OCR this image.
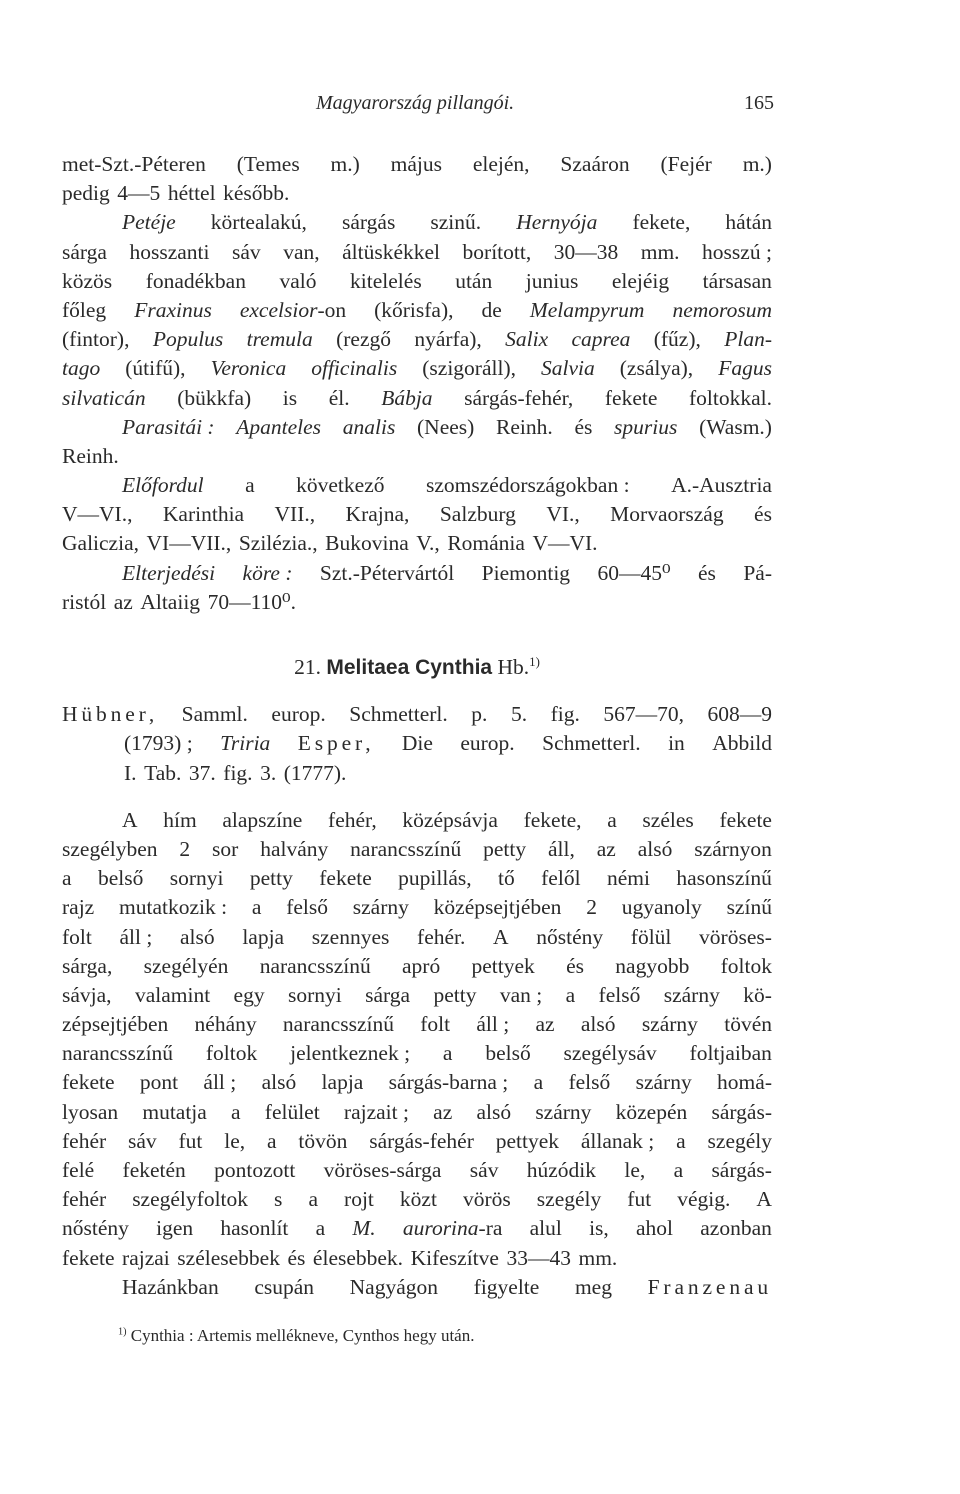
Magyarország pillangói.	165
met-Szt.-Péteren (Temes m.) május elején, Szaáron (Fejér m.)
pedig 4—5 héttel később.
Petéje körtealakú, sárgás szinű. Hernyója fekete, hátán
sárga hosszanti sáv van, áltüskékkel borított, 30—38 mm. hosszú ;
közös fonadékban való kitelelés után junius elejéig társasan
főleg Fraxinus excelsior-on (kőrisfa), de Melampyrum nemorosum
(fintor), Populus tremula (rezgő nyárfa), Salix caprea (fűz), Plan-
tago (útifű), Veronica officinalis (szigoráll), Salvia (zsálya), Fagus
silvaticán (bükkfa) is él. Bábja sárgás-fehér, fekete foltokkal.
Parasitái : Apanteles analis (Nees) Reinh. és spurius (Wasm.)
Reinh.
Előfordul a következő szomszédországokban : A.-Ausztria
V—VI., Karinthia VII., Krajna, Salzburg VI., Morvaország és
Galiczia, VI—VII., Szilézia., Bukovina V., Románia V—VI.
Elterjedési köre : Szt.-Pétervártól Piemontig 60—45⁰ és Pá-
ristól az Altaiig 70—110⁰.
21. Melitaea Cynthia Hb.$^{1)}$
Hübner, Samml. europ. Schmetterl. p. 5. fig. 567—70, 608—9
(1793) ; Triria Esper, Die europ. Schmetterl. in Abbild
I. Tab. 37. fig. 3. (1777).
A hím alapszíne fehér, középsávja fekete, a széles fekete
szegélyben 2 sor halvány narancsszínű petty áll, az alsó szárnyon
a belső sornyi petty fekete pupillás, tő felől némi hasonszínű
rajz mutatkozik : a felső szárny középsejtjében 2 ugyanoly színű
folt áll ; alsó lapja szennyes fehér. A nőstény fölül vöröses-
sárga, szegélyén narancsszínű apró pettyek és nagyobb foltok
sávja, valamint egy sornyi sárga petty van ; a felső szárny kö-
zépsejtjében néhány narancsszínű folt áll ; az alsó szárny tövén
narancsszínű foltok jelentkeznek ; a belső szegélysáv foltjaiban
fekete pont áll ; alsó lapja sárgás-barna ; a felső szárny homá-
lyosan mutatja a felület rajzait ; az alsó szárny közepén sárgás-
fehér sáv fut le, a tövön sárgás-fehér pettyek állanak ; a szegély
felé feketén pontozott vöröses-sárga sáv húzódik le, a sárgás-
fehér szegélyfoltok s a rojt közt vörös szegély fut végig. A
nőstény igen hasonlít a M. aurorina-ra alul is, ahol azonban
fekete rajzai szélesebbek és élesebbek. Kifeszítve 33—43 mm.
Hazánkban csupán Nagyágon figyelte meg Franzenau
$^{1)}$ Cynthia : Artemis mellékneve, Cynthos hegy után.
